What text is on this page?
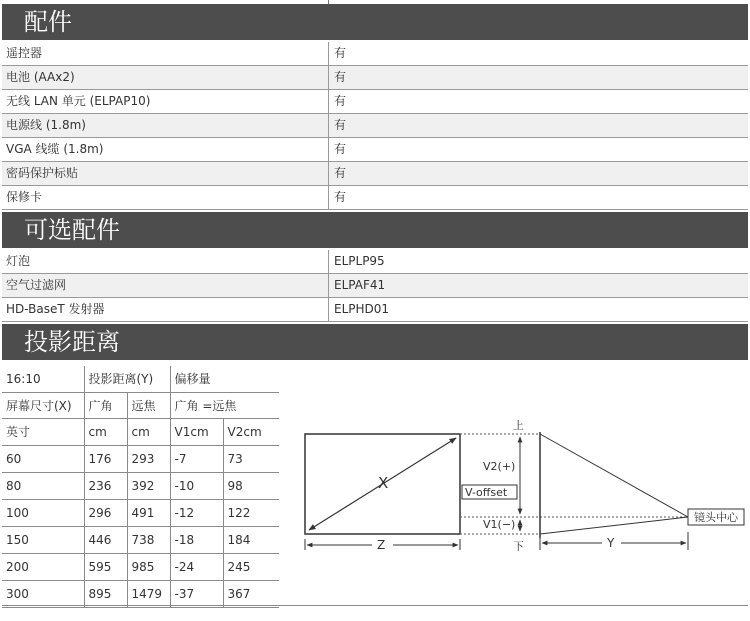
配件
遥控器	有
电池 (AAx2)	有
无线 LAN 单元 (ELPAP10)	有
电源线 (1.8m)	有
VGA 线缆 (1.8m)	有
密码保护标贴	有
保修卡	有
可选配件
灯泡	ELPLP95
空气过滤网	ELPAF41
HD-BaseT 发射器	ELPHD01
投影距离
16:10	投影距离(Y)		偏移量	
屏幕尺寸(X)	广角	远焦	广角 =远焦	
英寸	cm	cm	V1cm	V2cm
60	176	293	-7	73
80	236	392	-10	98
100	296	491	-12	122
150	446	738	-18	184
200	595	985	-24	245
300	895	1479	-37	367
X
Z
上
下
V2(+)
V-offset
V1(−)
镜头中心
Y
